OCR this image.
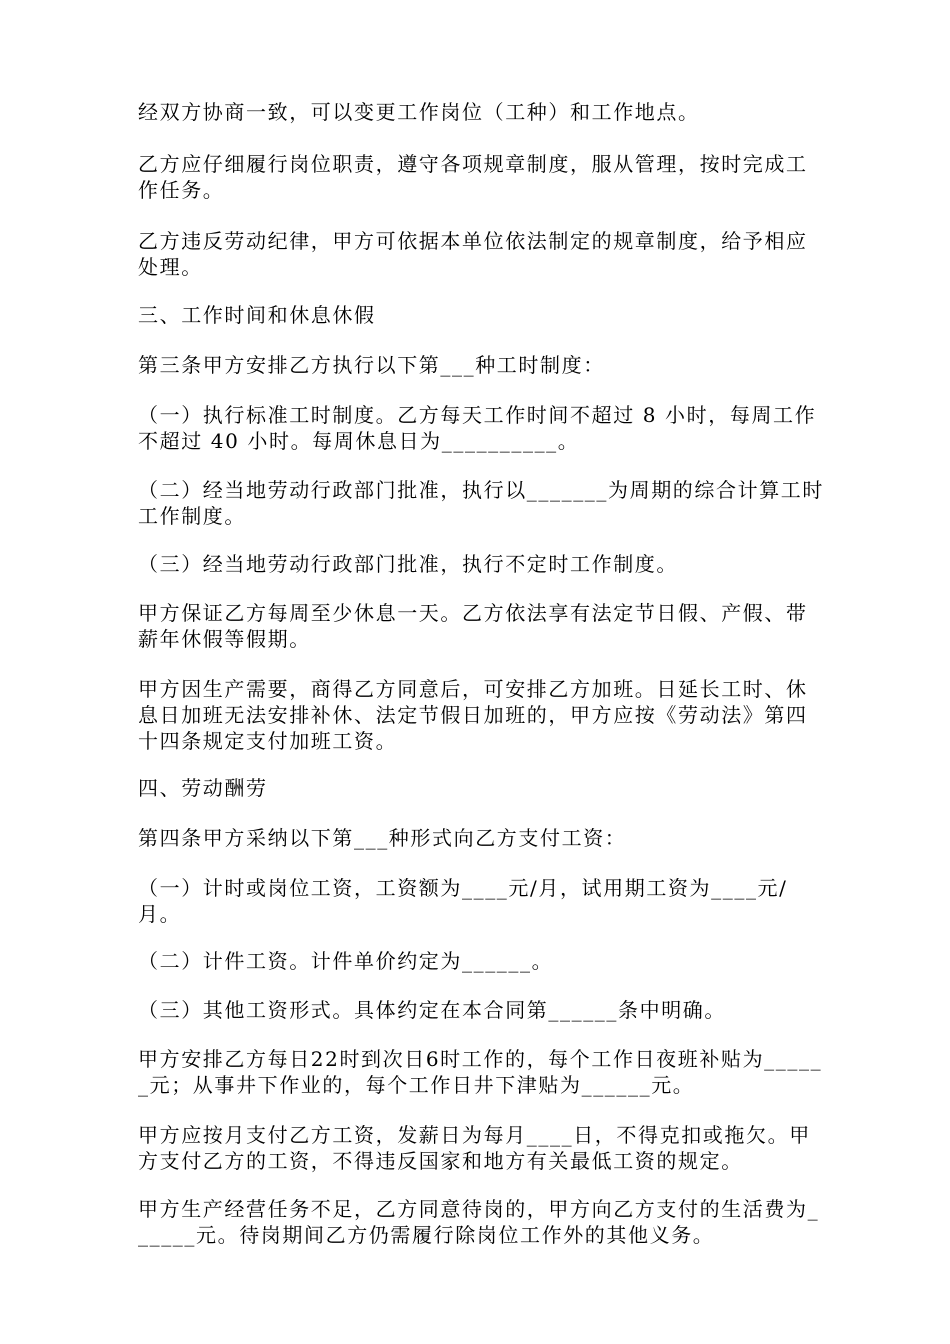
经双方协商一致，可以变更工作岗位（工种）和工作地点。

乙方应仔细履行岗位职责，遵守各项规章制度，服从管理，按时完成工作任务。

乙方违反劳动纪律，甲方可依据本单位依法制定的规章制度，给予相应处理。

三、工作时间和休息休假

第三条甲方安排乙方执行以下第___种工时制度：

（一）执行标准工时制度。乙方每天工作时间不超过 8 小时，每周工作不超过 40 小时。每周休息日为__________。

（二）经当地劳动行政部门批准，执行以_______为周期的综合计算工时工作制度。

（三）经当地劳动行政部门批准，执行不定时工作制度。

甲方保证乙方每周至少休息一天。乙方依法享有法定节日假、产假、带薪年休假等假期。

甲方因生产需要，商得乙方同意后，可安排乙方加班。日延长工时、休息日加班无法安排补休、法定节假日加班的，甲方应按《劳动法》第四十四条规定支付加班工资。

四、劳动酬劳

第四条甲方采纳以下第___种形式向乙方支付工资：

（一）计时或岗位工资，工资额为____元/月，试用期工资为____元/月。

（二）计件工资。计件单价约定为______。

（三）其他工资形式。具体约定在本合同第______条中明确。

甲方安排乙方每日22时到次日6时工作的，每个工作日夜班补贴为______元；从事井下作业的，每个工作日井下津贴为______元。

甲方应按月支付乙方工资，发薪日为每月____日，不得克扣或拖欠。甲方支付乙方的工资，不得违反国家和地方有关最低工资的规定。

甲方生产经营任务不足，乙方同意待岗的，甲方向乙方支付的生活费为______元。待岗期间乙方仍需履行除岗位工作外的其他义务。
